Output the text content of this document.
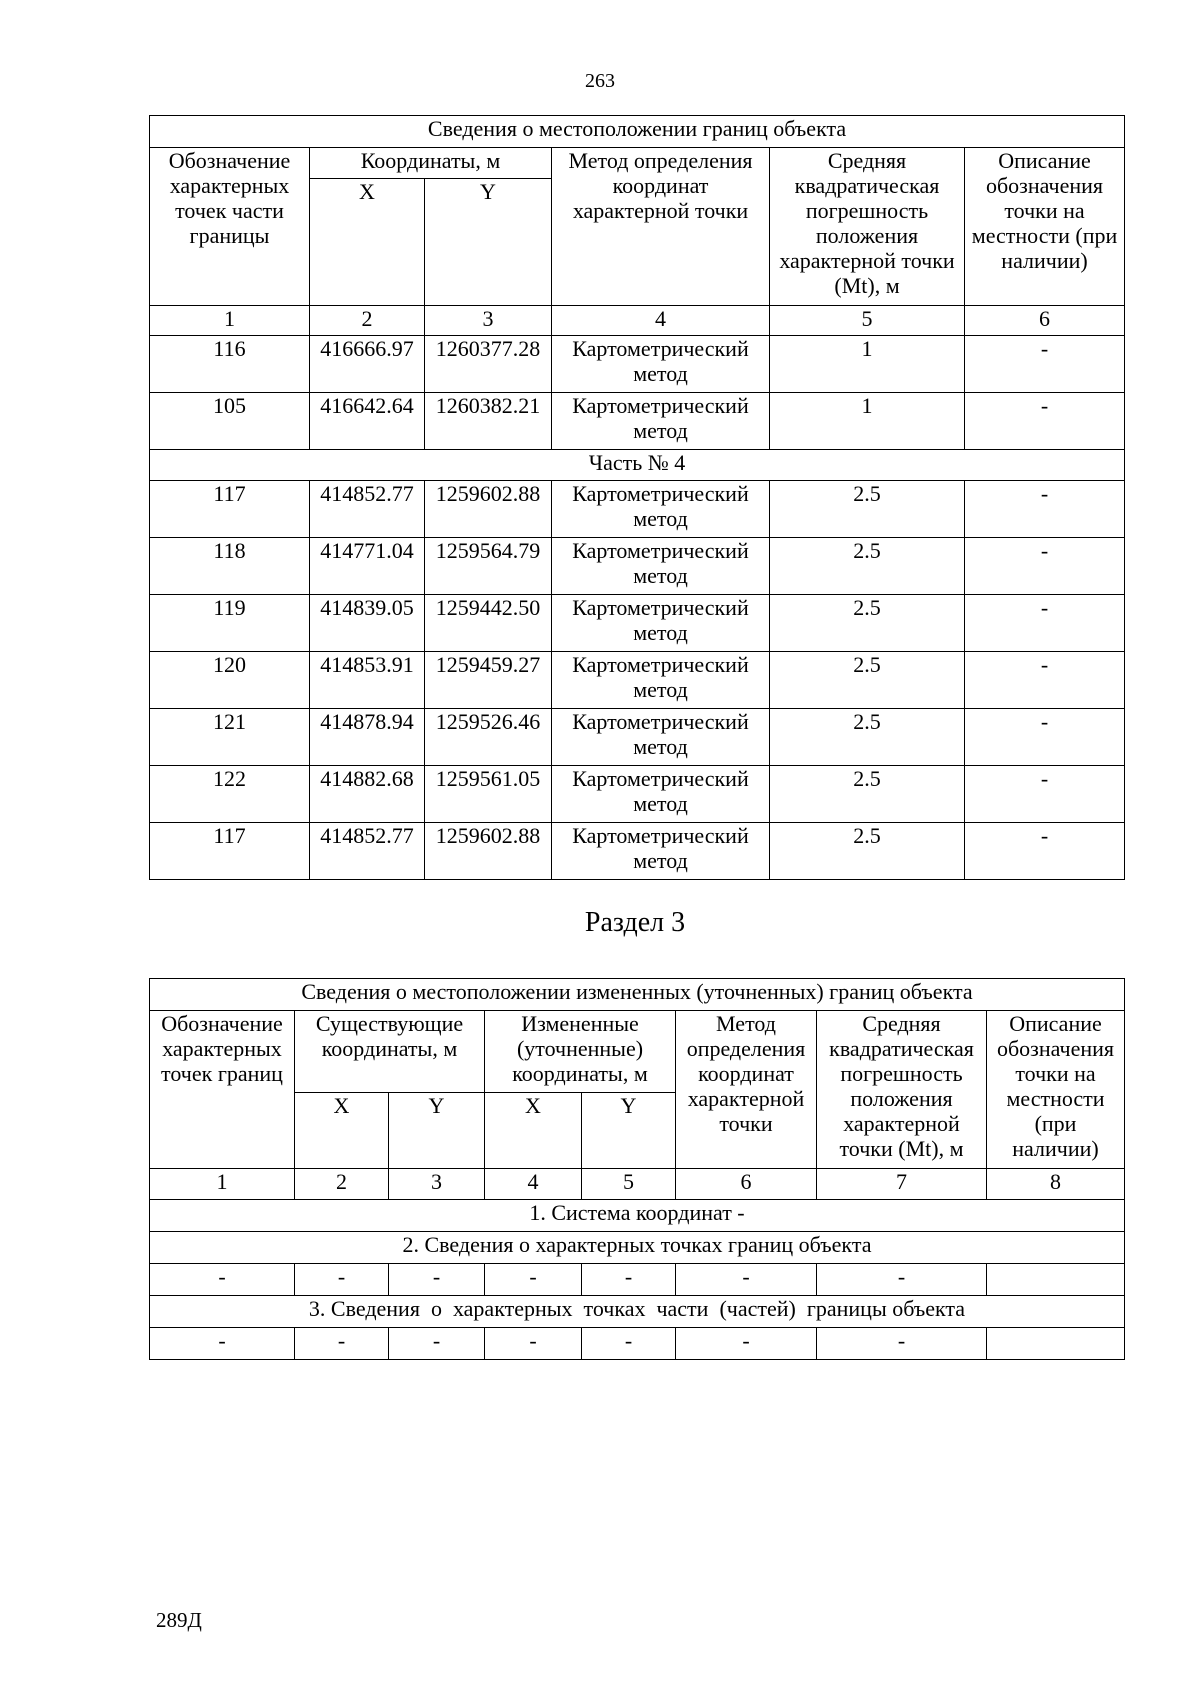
263
Сведения о местоположении границ объекта					
Обозначение характерных точек части границы	Координаты, м		Метод определения координат характерной точки	Средняя квадратическая погрешность положения характерной точки (Mt), м	Описание обозначения точки на местности (при наличии)
	X	Y			
1	2	3	4	5	6
116	416666.97	1260377.28	Картометрический метод	1	-
105	416642.64	1260382.21	Картометрический метод	1	-
Часть № 4					
117	414852.77	1259602.88	Картометрический метод	2.5	-
118	414771.04	1259564.79	Картометрический метод	2.5	-
119	414839.05	1259442.50	Картометрический метод	2.5	-
120	414853.91	1259459.27	Картометрический метод	2.5	-
121	414878.94	1259526.46	Картометрический метод	2.5	-
122	414882.68	1259561.05	Картометрический метод	2.5	-
117	414852.77	1259602.88	Картометрический метод	2.5	-
Раздел 3
Сведения о местоположении измененных (уточненных) границ объекта							
Обозначение характерных точек границ	Существующие координаты, м		Измененные (уточненные) координаты, м		Метод определения координат характерной точки	Средняя квадратическая погрешность положения характерной точки (Mt), м	Описание обозначения точки на местности (при наличии)
	X	Y	X	Y			
1	2	3	4	5	6	7	8
1. Система координат -							
2. Сведения о характерных точках границ объекта							
-	-	-	-	-	-	-	
3. Сведения  о  характерных  точках  части  (частей)  границы объекта							
-	-	-	-	-	-	-	
289Д
